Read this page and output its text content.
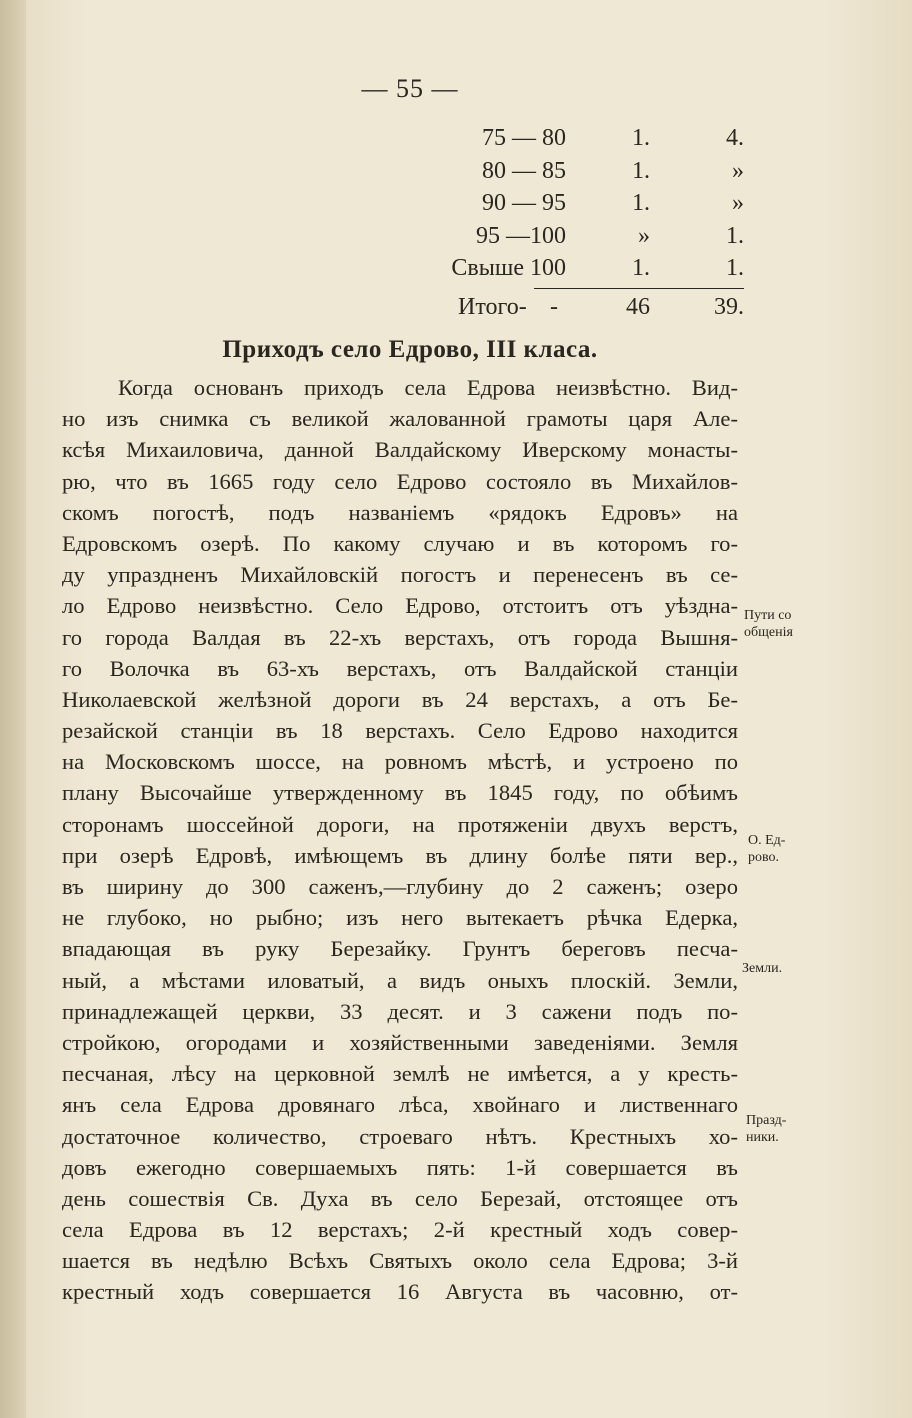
— 55 —
75 — 80	1.	4.
80 — 85	1.	»
90 — 95	1.	»
95 —100	»	1.
Свыше 100	1.	1.
Итого- -	46	39.
Приходъ село Едрово, III класа.
Когда основанъ приходъ села Едрова неизвѣстно. Вид-
но изъ снимка съ великой жалованной грамоты царя Але-
ксѣя Михаиловича, данной Валдайскому Иверскому монасты-
рю, что въ 1665 году село Едрово состояло въ Михайлов-
скомъ погостѣ, подъ названіемъ «рядокъ Едровъ» на
Едровскомъ озерѣ. По какому случаю и въ которомъ го-
ду упраздненъ Михайловскій погостъ и перенесенъ въ се-
ло Едрово неизвѣстно. Село Едрово, отстоитъ отъ уѣздна-
го города Валдая въ 22-хъ верстахъ, отъ города Вышня-
го Волочка въ 63-хъ верстахъ, отъ Валдайской станціи
Николаевской желѣзной дороги въ 24 верстахъ, а отъ Бе-
резайской станціи въ 18 верстахъ. Село Едрово находится
на Московскомъ шоссе, на ровномъ мѣстѣ, и устроено по
плану Высочайше утвержденному въ 1845 году, по обѣимъ
сторонамъ шоссейной дороги, на протяженіи двухъ верстъ,
при озерѣ Едровѣ, имѣющемъ въ длину болѣе пяти вер.,
въ ширину до 300 саженъ,—глубину до 2 саженъ; озеро
не глубоко, но рыбно; изъ него вытекаетъ рѣчка Едерка,
впадающая въ руку Березайку. Грунтъ береговъ песча-
ный, а мѣстами иловатый, а видъ оныхъ плоскій. Земли,
принадлежащей церкви, 33 десят. и 3 сажени подъ по-
стройкою, огородами и хозяйственными заведеніями. Земля
песчаная, лѣсу на церковной землѣ не имѣется, а у кресть-
янъ села Едрова дровянаго лѣса, хвойнаго и лиственнаго
достаточное количество, строеваго нѣтъ. Крестныхъ хо-
довъ ежегодно совершаемыхъ пять: 1-й совершается въ
день сошествія Св. Духа въ село Березай, отстоящее отъ
села Едрова въ 12 верстахъ; 2-й крестный ходъ совер-
шается въ недѣлю Всѣхъ Святыхъ около села Едрова; 3-й
крестный ходъ совершается 16 Августа въ часовню, от-
Пути со
общенія
О. Ед-
рово.
Земли.
Празд-
ники.
